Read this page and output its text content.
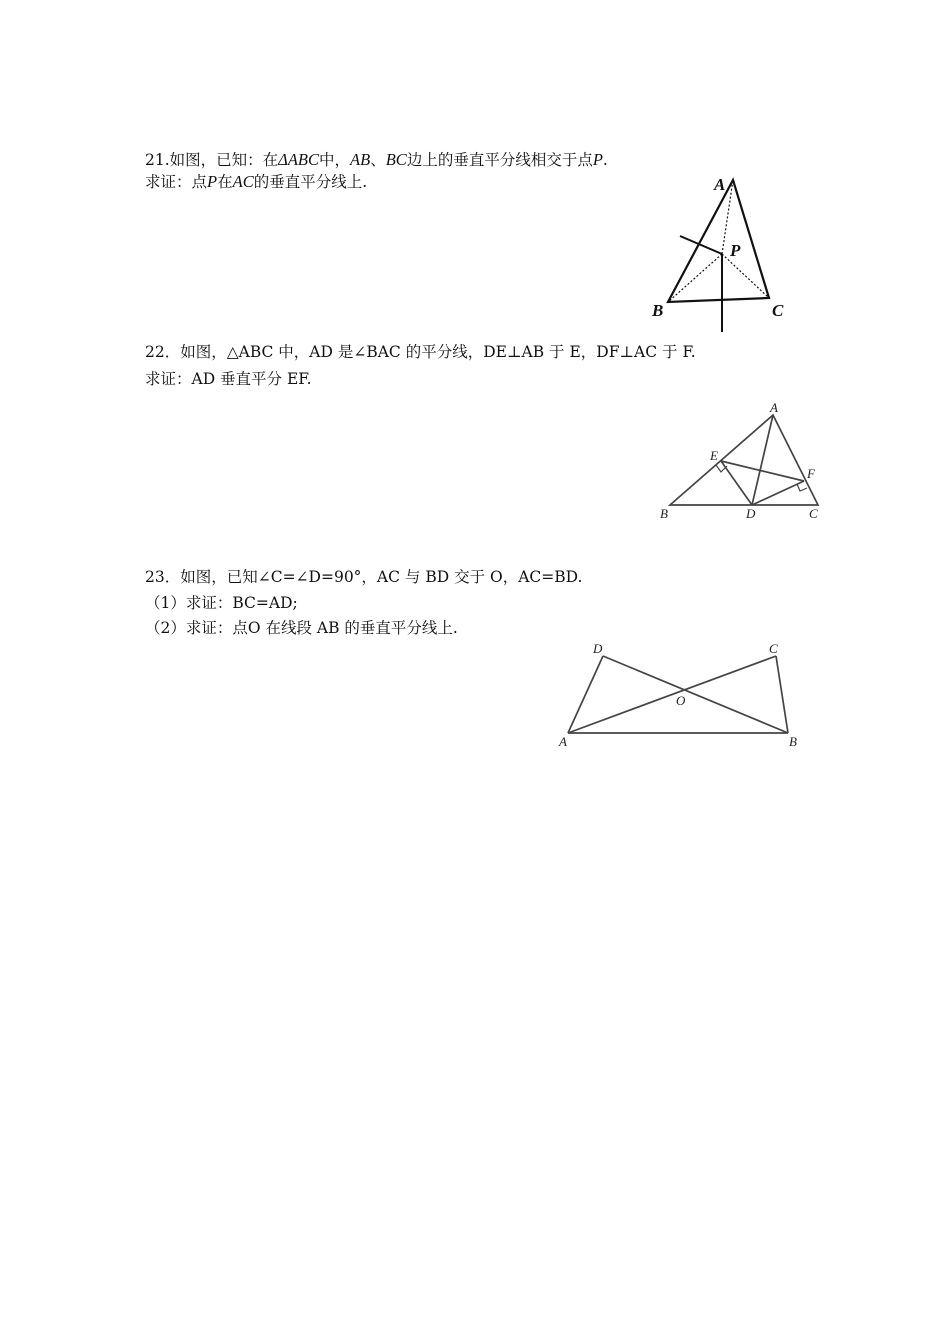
21.如图，已知：在ΔABC中，AB、BC边上的垂直平分线相交于点P.

求证：点P在AC的垂直平分线上.	A
P
B	C

22．如图，△ABC 中，AD 是∠BAC 的平分线，DE⊥AB 于 E，DF⊥AC 于 F.

求证：AD 垂直平分 EF.

A
E
F
B	D	C

23．如图，已知∠C=∠D=90°，AC 与 BD 交于 O，AC=BD.

（1）求证：BC=AD;

（2）求证：点O 在线段 AB 的垂直平分线上.

D	C
O
A	B
